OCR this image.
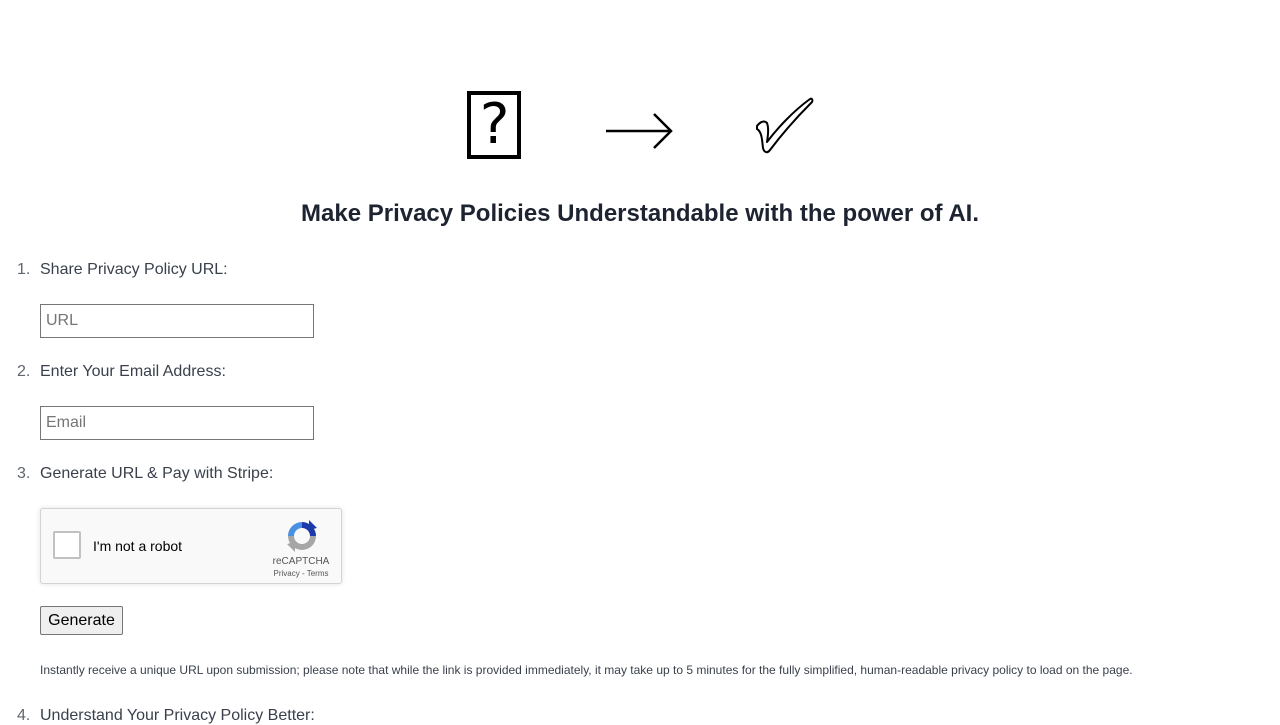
?
Make Privacy Policies Understandable with the power of AI.
1. Share Privacy Policy URL:
URL
2. Enter Your Email Address:
Email
3. Generate URL & Pay with Stripe:
I'm not a robot
reCAPTCHA
Privacy - Terms
Generate
Instantly receive a unique URL upon submission; please note that while the link is provided immediately, it may take up to 5 minutes for the fully simplified, human-readable privacy policy to load on the page.
4. Understand Your Privacy Policy Better:
